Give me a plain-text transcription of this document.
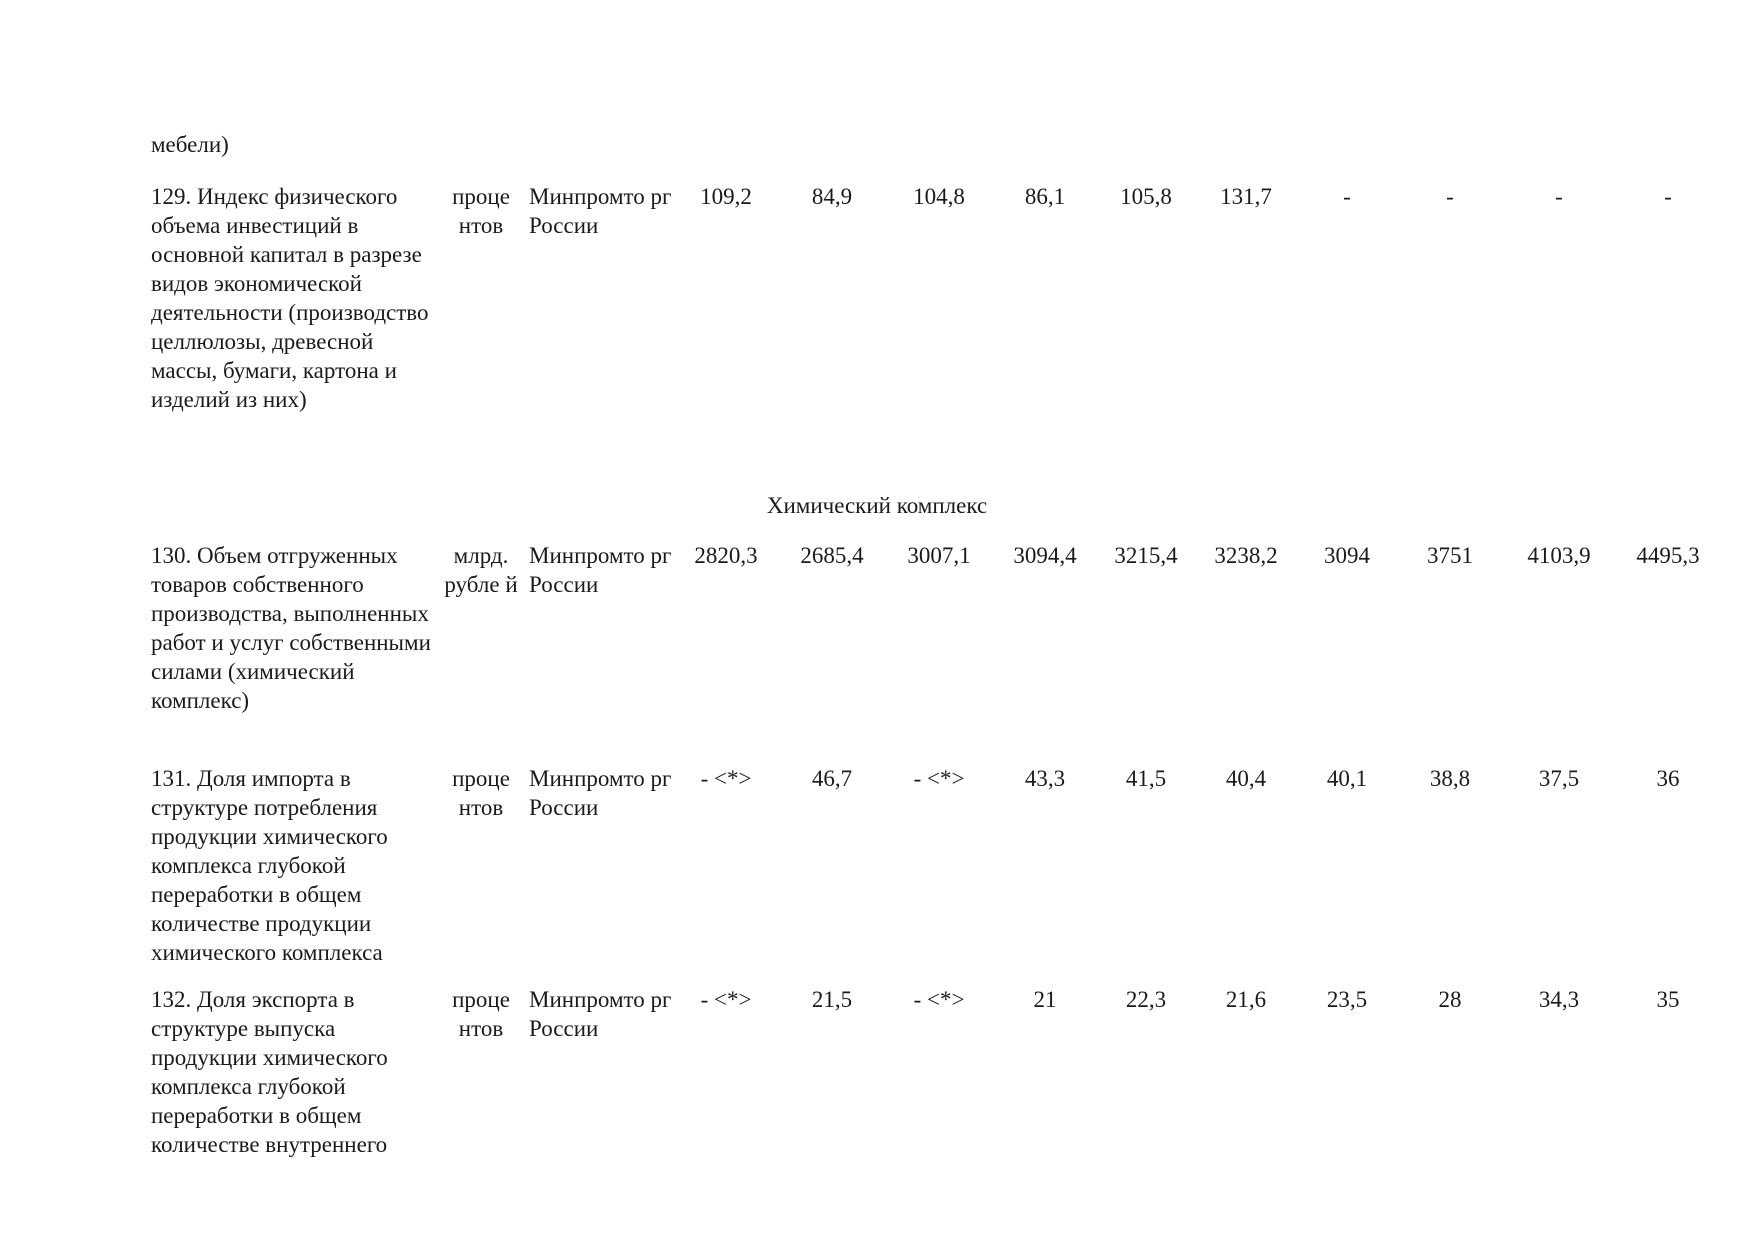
мебели)
129. Индекс физического объема инвестиций в основной капитал в разрезе видов экономической деятельности (производство целлюлозы, древесной массы, бумаги, картона и изделий из них)
проце нтов
Минпромто рг России
109,2	84,9	104,8	86,1	105,8	131,7	-	-	-	-
Химический комплекс
130. Объем отгруженных товаров собственного производства, выполненных работ и услуг собственными силами (химический комплекс)
млрд. рубле й
Минпромто рг России
2820,3	2685,4	3007,1	3094,4	3215,4	3238,2	3094	3751	4103,9	4495,3
131. Доля импорта в структуре потребления продукции химического комплекса глубокой переработки в общем количестве продукции химического комплекса
проце нтов
Минпромто рг России
- <*>	46,7	- <*>	43,3	41,5	40,4	40,1	38,8	37,5	36
132. Доля экспорта в структуре выпуска продукции химического комплекса глубокой переработки в общем количестве внутреннего
проце нтов
Минпромто рг России
- <*>	21,5	- <*>	21	22,3	21,6	23,5	28	34,3	35
